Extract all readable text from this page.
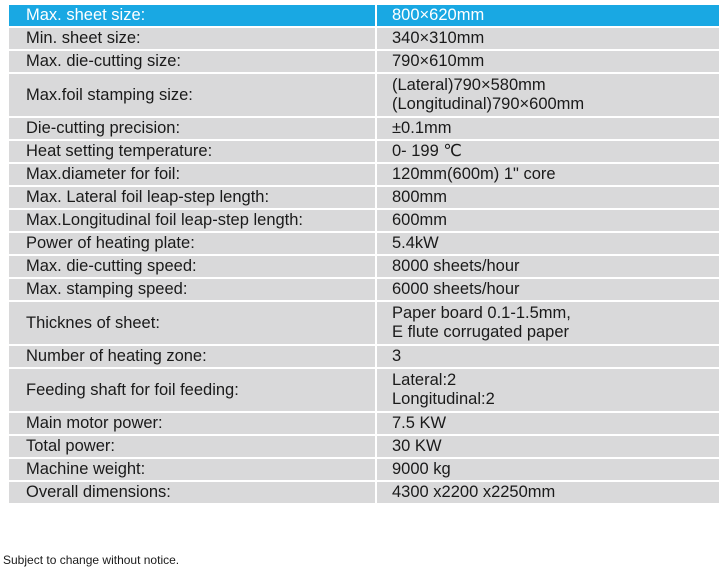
Max. sheet size:	800×620mm

Min. sheet size:	340×310mm

Max. die-cutting size:	790×610mm

Max.foil stamping size:	(Lateral)790×580mm
(Longitudinal)790×600mm

Die-cutting precision:	±0.1mm

Heat setting temperature:	0- 199 ℃

Max.diameter for foil:	120mm(600m) 1" core

Max. Lateral foil leap-step length:	800mm

Max.Longitudinal foil leap-step length:	600mm

Power of heating plate:	5.4kW

Max. die-cutting speed:	8000 sheets/hour

Max. stamping speed:	6000 sheets/hour

Thicknes of sheet:	Paper board 0.1-1.5mm,
E flute corrugated paper

Number of heating zone:	3

Feeding shaft for foil feeding:	Lateral:2
Longitudinal:2

Main motor power:	7.5 KW

Total power:	30 KW

Machine weight:	9000 kg

Overall dimensions:	4300 x2200 x2250mm
Subject to change without notice.
